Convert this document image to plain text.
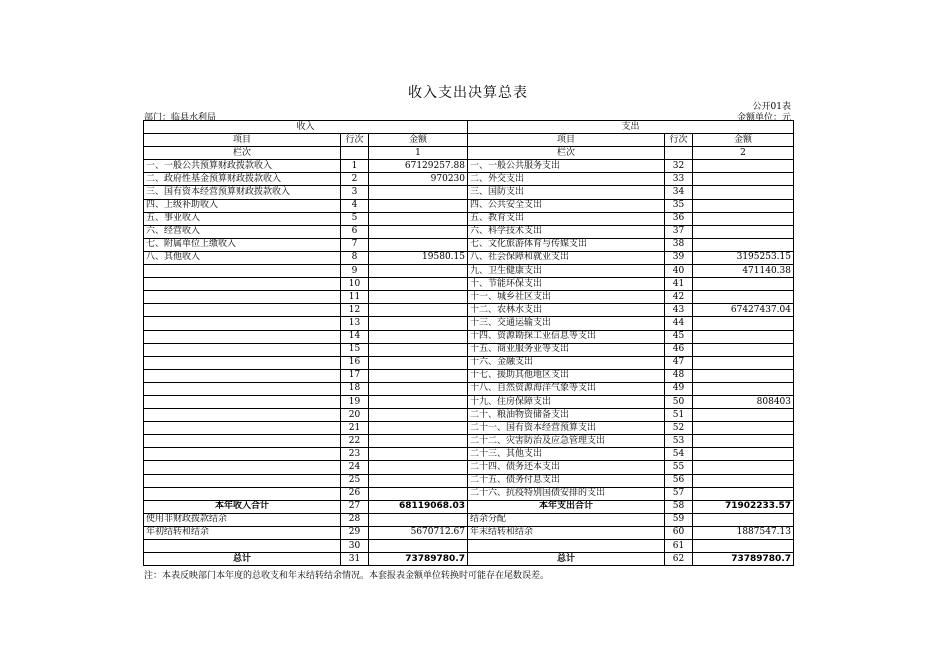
收入支出决算总表
公开01表
部门：临县水利局	金额单位：元
收入			支出		
项目	行次	金额	项目	行次	金额
栏次		1	栏次		2
一、一般公共预算财政拨款收入	1	67129257.88	一、一般公共服务支出	32	
二、政府性基金预算财政拨款收入	2	970230	二、外交支出	33	
三、国有资本经营预算财政拨款收入	3		三、国防支出	34	
四、上级补助收入	4		四、公共安全支出	35	
五、事业收入	5		五、教育支出	36	
六、经营收入	6		六、科学技术支出	37	
七、附属单位上缴收入	7		七、文化旅游体育与传媒支出	38	
八、其他收入	8	19580.15	八、社会保障和就业支出	39	3195253.15
	9		九、卫生健康支出	40	471140.38
	10		十、节能环保支出	41	
	11		十一、城乡社区支出	42	
	12		十二、农林水支出	43	67427437.04
	13		十三、交通运输支出	44	
	14		十四、资源勘探工业信息等支出	45	
	15		十五、商业服务业等支出	46	
	16		十六、金融支出	47	
	17		十七、援助其他地区支出	48	
	18		十八、自然资源海洋气象等支出	49	
	19		十九、住房保障支出	50	808403
	20		二十、粮油物资储备支出	51	
	21		二十一、国有资本经营预算支出	52	
	22		二十二、灾害防治及应急管理支出	53	
	23		二十三、其他支出	54	
	24		二十四、债务还本支出	55	
	25		二十五、债务付息支出	56	
	26		二十六、抗疫特别国债安排的支出	57	
本年收入合计	27	68119068.03	本年支出合计	58	71902233.57
使用非财政拨款结余	28		结余分配	59	
年初结转和结余	29	5670712.67	年末结转和结余	60	1887547.13
	30			61	
总计	31	73789780.7	总计	62	73789780.7
注：本表反映部门本年度的总收支和年末结转结余情况。本套报表金额单位转换时可能存在尾数误差。
